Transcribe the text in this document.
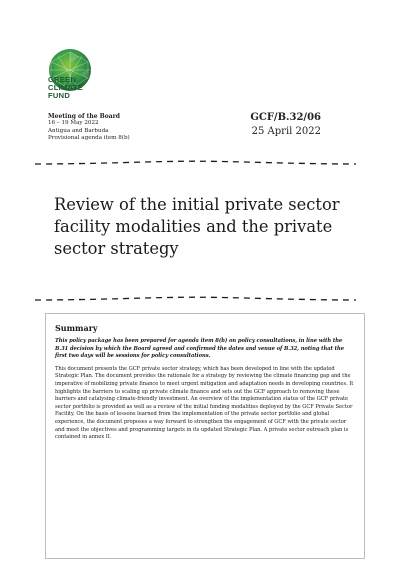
GREEN
CLIMATE
FUND
Meeting of the Board
16 – 19 May 2022
Antigua and Barbuda
Provisional agenda item 8(b)
GCF/B.32/06
25 April 2022
Review of the initial private sector facility modalities and the private sector strategy
Summary

This policy package has been prepared for agenda item 8(b) on policy consultations, in line with the B.31 decision by which the Board agreed and confirmed the dates and venue of B.32, noting that the first two days will be sessions for policy consultations.

This document presents the GCF private sector strategy, which has been developed in line with the updated Strategic Plan. The document provides the rationale for a strategy by reviewing the climate financing gap and the imperative of mobilizing private finance to meet urgent mitigation and adaptation needs in developing countries. It highlights the barriers to scaling up private climate finance and sets out the GCF approach to removing these barriers and catalysing climate-friendly investment. An overview of the implementation status of the GCF private sector portfolio is provided as well as a review of the initial funding modalities deployed by the GCF Private Sector Facility. On the basis of lessons learned from the implementation of the private sector portfolio and global experience, the document proposes a way forward to strengthen the engagement of GCF with the private sector and meet the objectives and programming targets in its updated Strategic Plan. A private sector outreach plan is contained in annex II.
